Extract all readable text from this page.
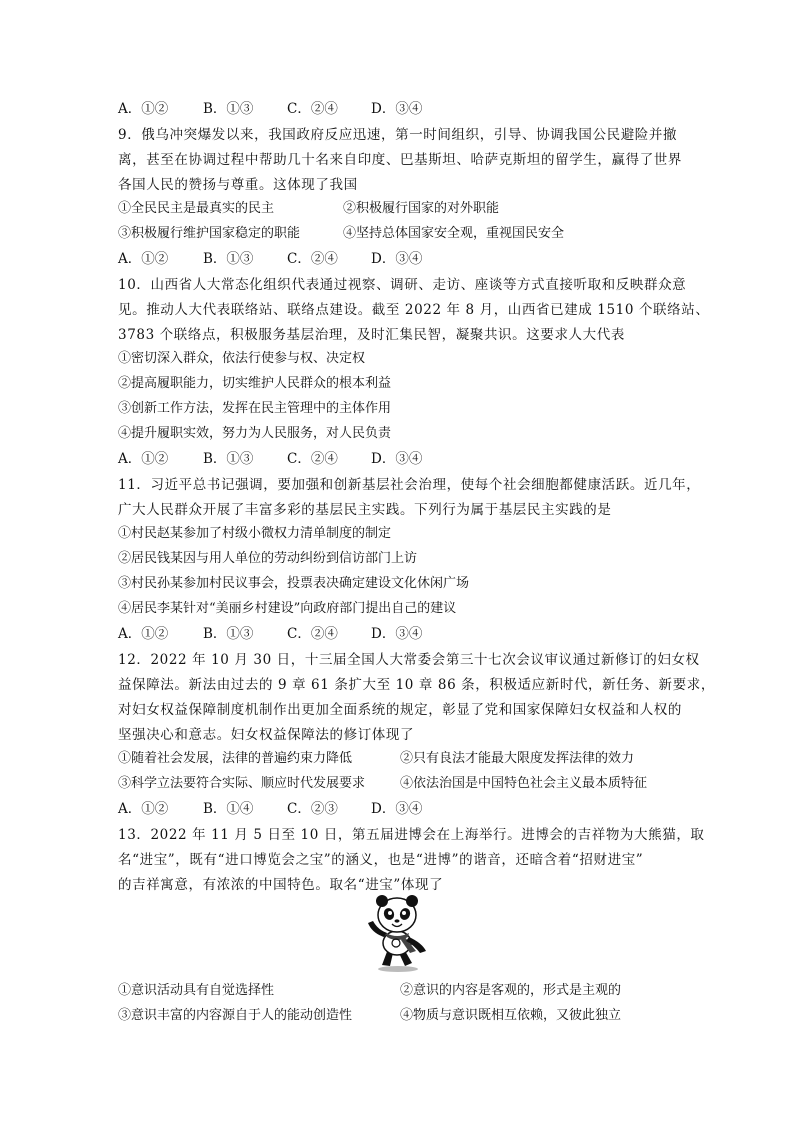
A．①②	B．①③ C．②④ D．③④
9．俄乌冲突爆发以来，我国政府反应迅速，第一时间组织，引导、协调我国公民避险并撤
离，甚至在协调过程中帮助几十名来自印度、巴基斯坦、哈萨克斯坦的留学生，赢得了世界
各国人民的赞扬与尊重。这体现了我国
①全民民主是最真实的民主	②积极履行国家的对外职能
③积极履行维护国家稳定的职能	④坚持总体国家安全观，重视国民安全
A．①②	B．①③ C．②④ D．③④
10．山西省人大常态化组织代表通过视察、调研、走访、座谈等方式直接听取和反映群众意
见。推动人大代表联络站、联络点建设。截至 2022 年 8 月，山西省已建成 1510 个联络站、
3783 个联络点，积极服务基层治理，及时汇集民智，凝聚共识。这要求人大代表
①密切深入群众，依法行使参与权、决定权
②提高履职能力，切实维护人民群众的根本利益
③创新工作方法，发挥在民主管理中的主体作用
④提升履职实效，努力为人民服务，对人民负责
A．①②	B．①③ C．②④ D．③④
11．习近平总书记强调，要加强和创新基层社会治理，使每个社会细胞都健康活跃。近几年，
广大人民群众开展了丰富多彩的基层民主实践。下列行为属于基层民主实践的是
①村民赵某参加了村级小微权力清单制度的制定
②居民钱某因与用人单位的劳动纠纷到信访部门上访
③村民孙某参加村民议事会，投票表决确定建设文化休闲广场
④居民李某针对“美丽乡村建设”向政府部门提出自己的建议
A．①②	B．①③ C．②④ D．③④
12．2022 年 10 月 30 日，十三届全国人大常委会第三十七次会议审议通过新修订的妇女权
益保障法。新法由过去的 9 章 61 条扩大至 10 章 86 条，积极适应新时代，新任务、新要求，
对妇女权益保障制度机制作出更加全面系统的规定，彰显了党和国家保障妇女权益和人权的
坚强决心和意志。妇女权益保障法的修订体现了
①随着社会发展，法律的普遍约束力降低	②只有良法才能最大限度发挥法律的效力
③科学立法要符合实际、顺应时代发展要求	④依法治国是中国特色社会主义最本质特征
A．①②	B．①④ C．②③ D．③④
13．2022 年 11 月 5 日至 10 日，第五届进博会在上海举行。进博会的吉祥物为大熊猫，取
名“进宝”，既有“进口博览会之宝”的涵义，也是“进博”的谐音，还暗含着“招财进宝”
的吉祥寓意，有浓浓的中国特色。取名“进宝”体现了
①意识活动具有自觉选择性	②意识的内容是客观的，形式是主观的
③意识丰富的内容源自于人的能动创造性	④物质与意识既相互依赖，又彼此独立
